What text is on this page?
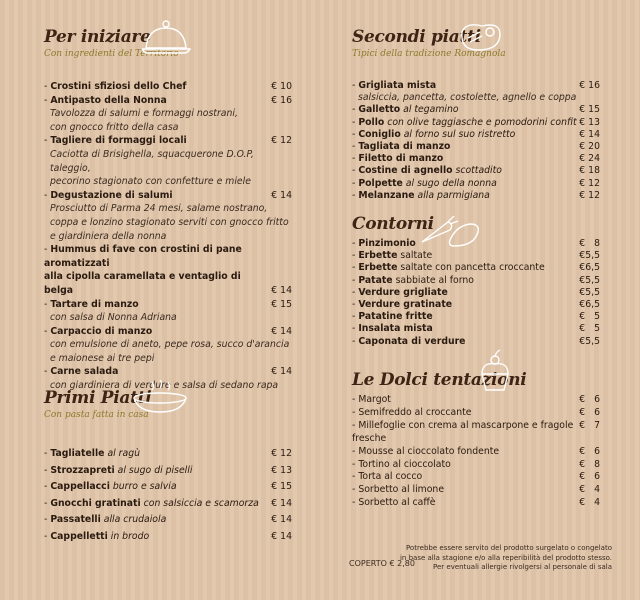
Per iniziare
Con ingredienti del Territorio
- Crostini sfiziosi dello Chef	€ 10
- Antipasto della Nonna	€ 16
Tavolozza di salumi e formaggi nostrani,
con gnocco fritto della casa
- Tagliere di formaggi locali	€ 12
Caciotta di Brisighella, squacquerone D.O.P, taleggio,
pecorino stagionato con confetture e miele
- Degustazione di salumi	€ 14
Prosciutto di Parma 24 mesi, salame nostrano,
coppa e lonzino stagionato serviti con gnocco fritto
e giardiniera della nonna
- Hummus di fave con crostini di pane aromatizzati
alla cipolla caramellata e ventaglio di belga	€ 14
- Tartare di manzo	€ 15
con salsa di Nonna Adriana
- Carpaccio di manzo	€ 14
con emulsione di aneto, pepe rosa, succo d'arancia
e maionese ai tre pepi
- Carne salada	€ 14
con giardiniera di verdure e salsa di sedano rapa
Primi Piatti
Con pasta fatta in casa
- Tagliatelle al ragù	€ 12
- Strozzapreti al sugo di piselli	€ 13
- Cappellacci burro e salvia	€ 15
- Gnocchi gratinati con salsiccia e scamorza € 14
- Passatelli alla crudaiola	€ 14
- Cappelletti in brodo	€ 14
Secondi piatti
Tipici della tradizione Romagnola
- Grigliata mista	€ 16
salsiccia, pancetta, costolette, agnello e coppa
- Galletto al tegamino	€ 15
- Pollo con olive taggiasche e pomodorini confit € 13
- Coniglio al forno sul suo ristretto	€ 14
- Tagliata di manzo	€ 20
- Filetto di manzo	€ 24
- Costine di agnello scottadito	€ 18
- Polpette al sugo della nonna	€ 12
- Melanzane alla parmigiana	€ 12
Contorni
- Pinzimonio	€   8
- Erbette saltate	€5,5
- Erbette saltate con pancetta croccante	€6,5
- Patate sabbiate al forno	€5,5
- Verdure grigliate	€5,5
- Verdure gratinate	€6,5
- Patatine fritte	€   5
- Insalata mista	€   5
- Caponata di verdure	€5,5
Le Dolci tentazioni
- Margot	€   6
- Semifreddo al croccante	€   6
- Millefoglie con crema al mascarpone e fragole fresche
€   7
- Mousse al cioccolato fondente	€   6
- Tortino al cioccolato	€   8
- Torta al cocco	€   6
- Sorbetto al limone	€   4
- Sorbetto al caffè	€   4
COPERTO € 2,80
Potrebbe essere servito del prodotto surgelato o congelato
in base alla stagione e/o alla reperibilità del prodotto stesso.
Per eventuali allergie rivolgersi al personale di sala
